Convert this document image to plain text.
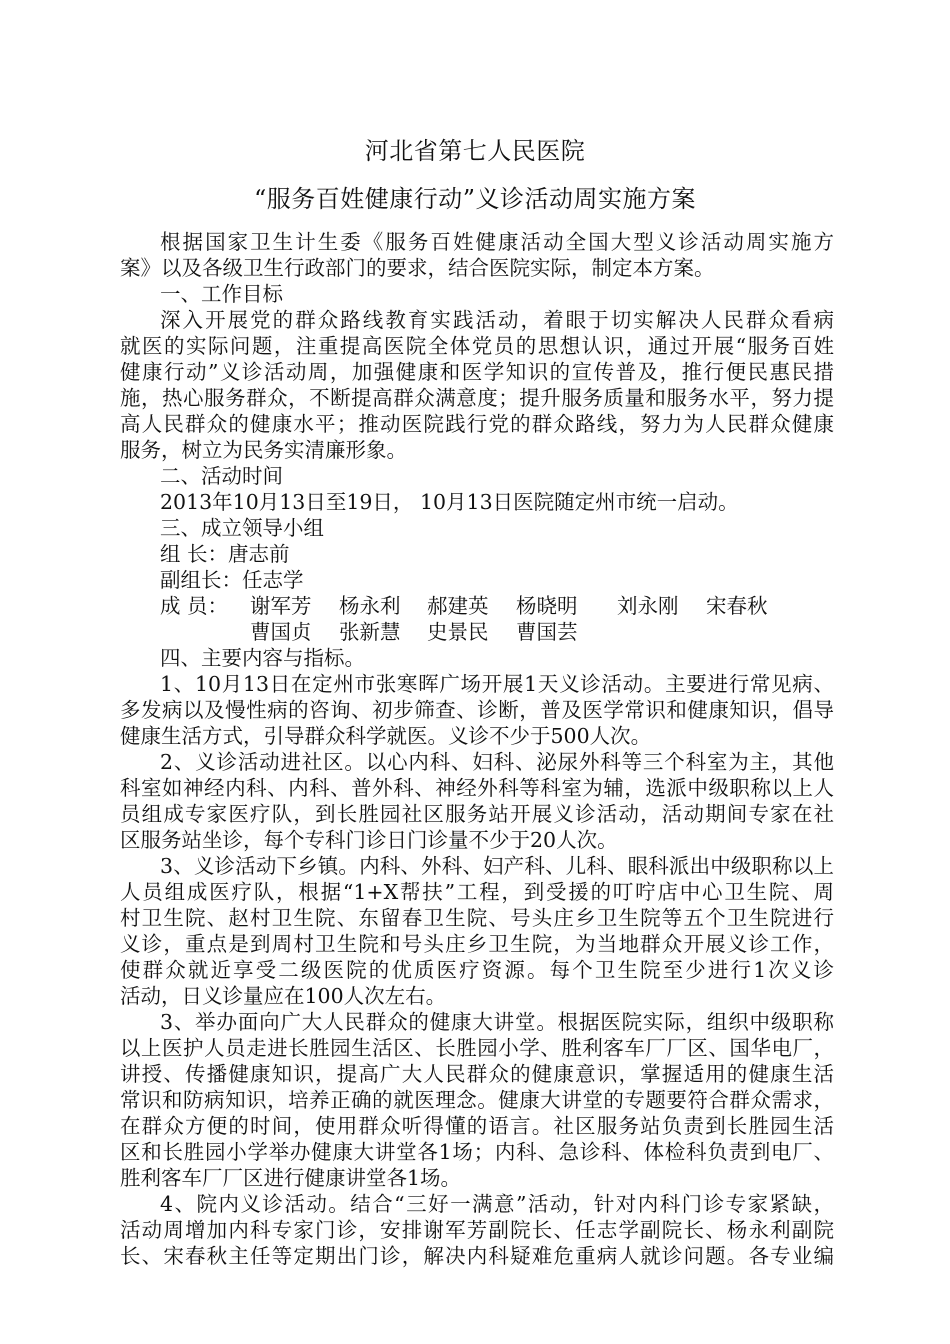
河北省第七人民医院
“服务百姓健康行动”义诊活动周实施方案
根据国家卫生计生委《服务百姓健康活动全国大型义诊活动周实施方
案》以及各级卫生行政部门的要求，结合医院实际，制定本方案。
一、工作目标
深入开展党的群众路线教育实践活动，着眼于切实解决人民群众看病
就医的实际问题，注重提高医院全体党员的思想认识，通过开展“服务百姓
健康行动”义诊活动周，加强健康和医学知识的宣传普及，推行便民惠民措
施，热心服务群众，不断提高群众满意度；提升服务质量和服务水平，努力提
高人民群众的健康水平；推动医院践行党的群众路线，努力为人民群众健康
服务，树立为民务实清廉形象。
二、活动时间
2013年10月13日至19日， 10月13日医院随定州市统一启动。
三、成立领导小组
组 长：唐志前
副组长：任志学
成 员：	谢军芳 杨永利 郝建英 杨晓明 刘永刚 宋春秋
曹国贞 张新慧 史景民 曹国芸
四、主要内容与指标。
1、10月13日在定州市张寒晖广场开展1天义诊活动。主要进行常见病、
多发病以及慢性病的咨询、初步筛查、诊断，普及医学常识和健康知识，倡导
健康生活方式，引导群众科学就医。义诊不少于500人次。
2、义诊活动进社区。以心内科、妇科、泌尿外科等三个科室为主，其他
科室如神经内科、内科、普外科、神经外科等科室为辅，选派中级职称以上人
员组成专家医疗队，到长胜园社区服务站开展义诊活动，活动期间专家在社
区服务站坐诊，每个专科门诊日门诊量不少于20人次。
3、义诊活动下乡镇。内科、外科、妇产科、儿科、眼科派出中级职称以上
人员组成医疗队，根据“1+X帮扶”工程，到受援的叮咛店中心卫生院、周
村卫生院、赵村卫生院、东留春卫生院、号头庄乡卫生院等五个卫生院进行
义诊，重点是到周村卫生院和号头庄乡卫生院，为当地群众开展义诊工作，
使群众就近享受二级医院的优质医疗资源。每个卫生院至少进行1次义诊
活动，日义诊量应在100人次左右。
3、举办面向广大人民群众的健康大讲堂。根据医院实际，组织中级职称
以上医护人员走进长胜园生活区、长胜园小学、胜利客车厂厂区、国华电厂，
讲授、传播健康知识，提高广大人民群众的健康意识，掌握适用的健康生活
常识和防病知识，培养正确的就医理念。健康大讲堂的专题要符合群众需求，
在群众方便的时间，使用群众听得懂的语言。社区服务站负责到长胜园生活
区和长胜园小学举办健康大讲堂各1场；内科、急诊科、体检科负责到电厂、
胜利客车厂厂区进行健康讲堂各1场。
4、院内义诊活动。结合“三好一满意”活动，针对内科门诊专家紧缺，
活动周增加内科专家门诊，安排谢军芳副院长、任志学副院长、杨永利副院
长、宋春秋主任等定期出门诊，解决内科疑难危重病人就诊问题。各专业编
